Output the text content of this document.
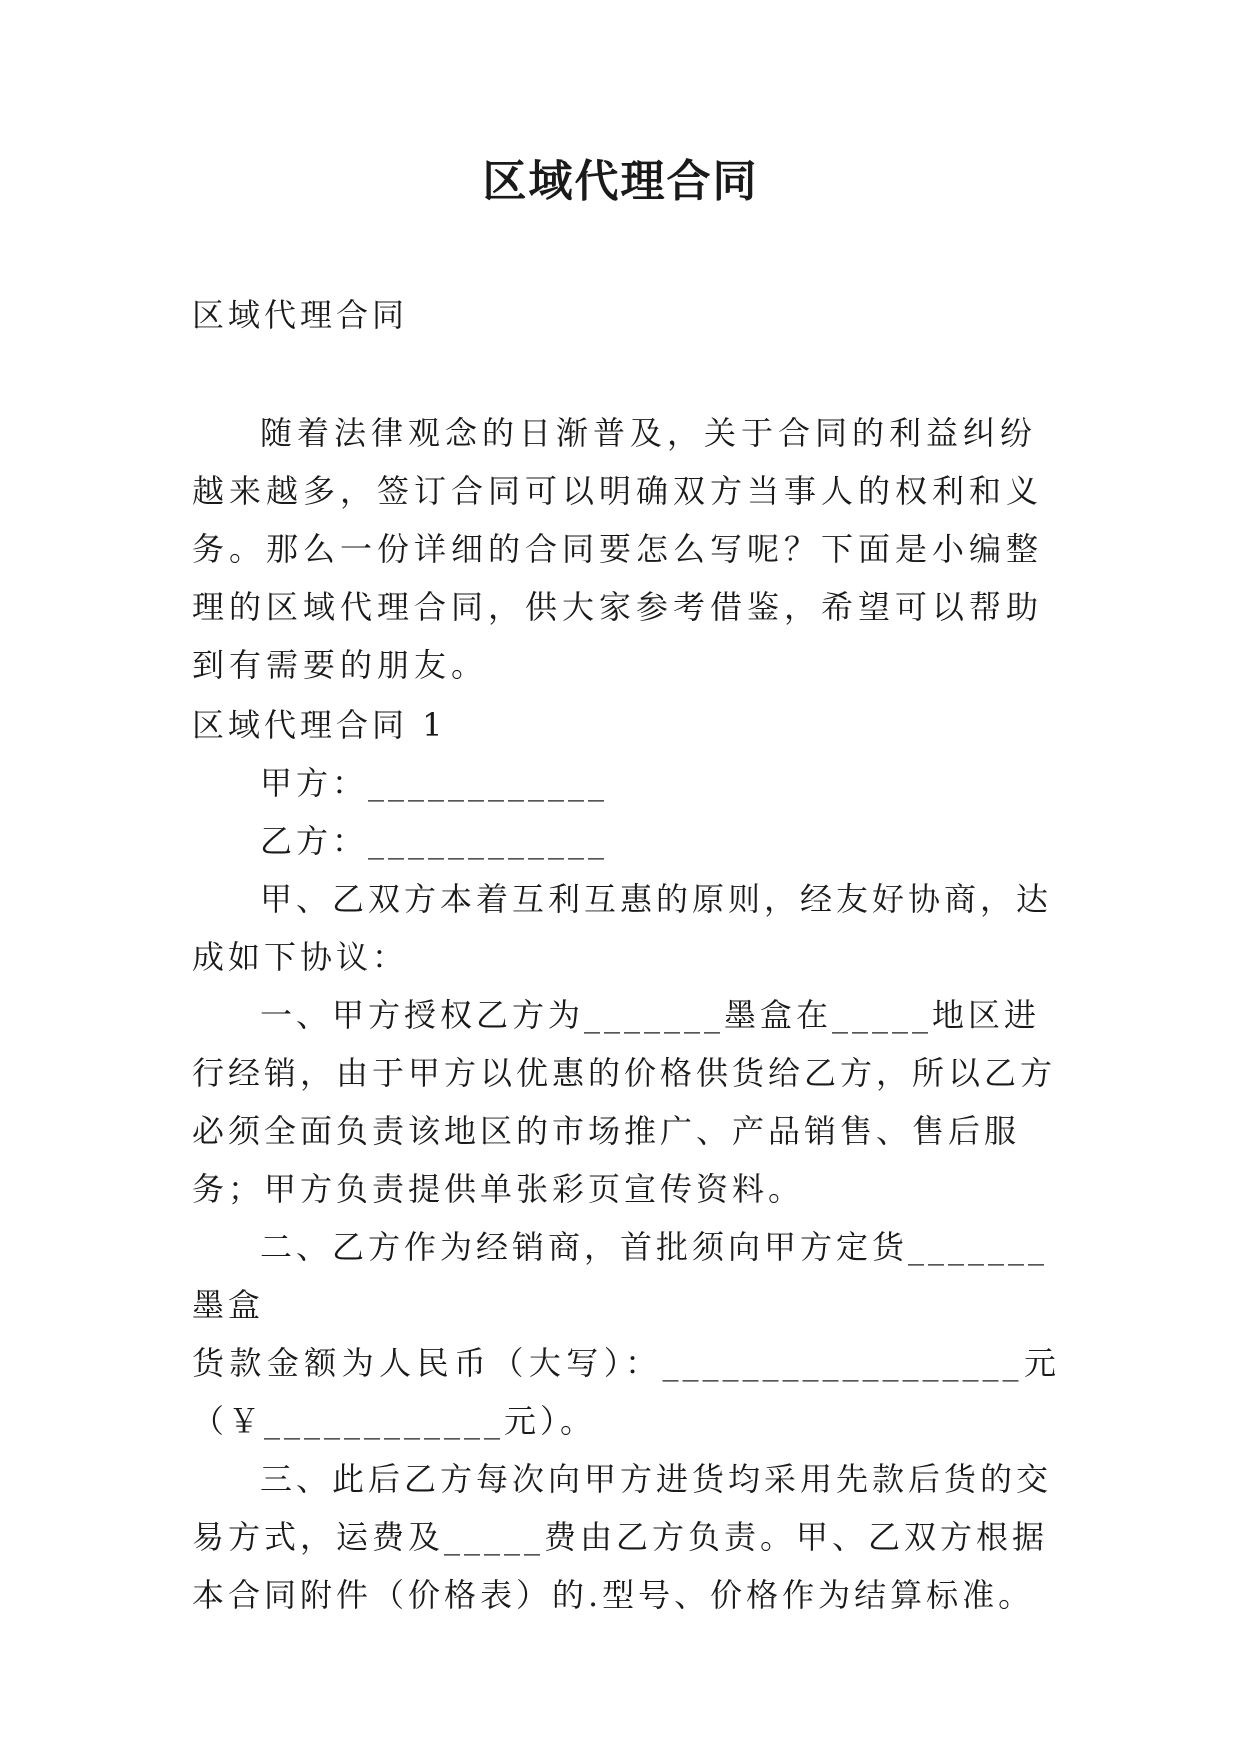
区域代理合同

区域代理合同

随着法律观念的日渐普及，关于合同的利益纠纷越来越多，签订合同可以明确双方当事人的权利和义务。那么一份详细的合同要怎么写呢？下面是小编整理的区域代理合同，供大家参考借鉴，希望可以帮助到有需要的朋友。

区域代理合同 1

甲方：____________

乙方：____________

甲、乙双方本着互利互惠的原则，经友好协商，达成如下协议：

一、甲方授权乙方为_______墨盒在_____地区进行经销，由于甲方以优惠的价格供货给乙方，所以乙方必须全面负责该地区的市场推广、产品销售、售后服务；甲方负责提供单张彩页宣传资料。

二、乙方作为经销商，首批须向甲方定货_______墨盒

货款金额为人民币（大写）：__________________元

（￥____________元）。

三、此后乙方每次向甲方进货均采用先款后货的交易方式，运费及_____费由乙方负责。甲、乙双方根据本合同附件（价格表）的.型号、价格作为结算标准。
